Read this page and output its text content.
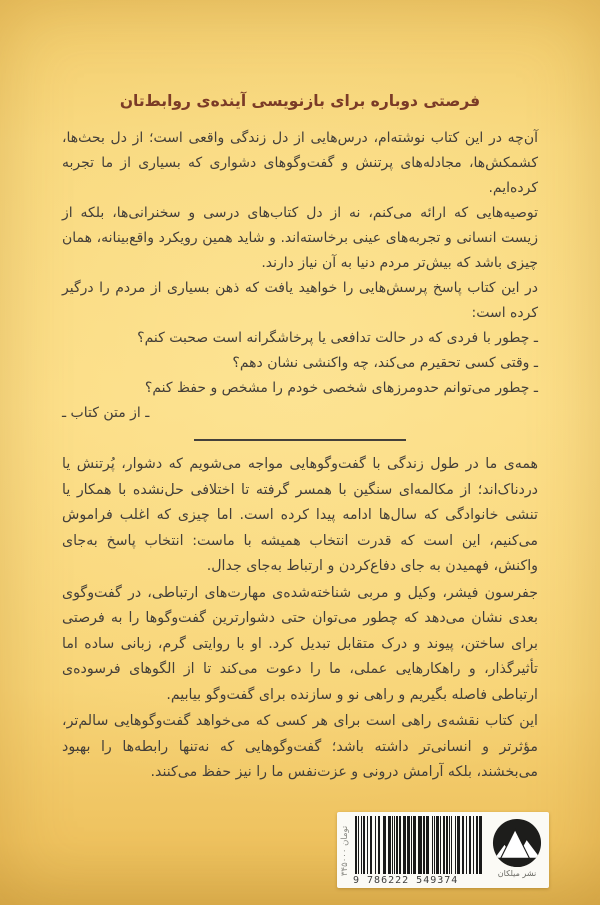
فرصتی دوباره برای بازنویسی آینده‌ی روابط‌تان

آن‌چه در این کتاب نوشته‌ام، درس‌هایی از دل زندگی واقعی است؛ از دل بحث‌ها، کشمکش‌ها، مجادله‌های پرتنش و گفت‌وگوهای دشواری که بسیاری از ما تجربه کرده‌ایم.

توصیه‌هایی که ارائه می‌کنم، نه از دل کتاب‌های درسی و سخنرانی‌ها، بلکه از زیست انسانی و تجربه‌های عینی برخاسته‌اند. و شاید همین رویکرد واقع‌بینانه، همان چیزی باشد که بیش‌تر مردم دنیا به آن نیاز دارند.

در این کتاب پاسخ پرسش‌هایی را خواهید یافت که ذهن بسیاری از مردم را درگیر کرده است:

ـ چطور با فردی که در حالت تدافعی یا پرخاشگرانه است صحبت کنم؟
ـ وقتی کسی تحقیرم می‌کند، چه واکنشی نشان دهم؟
ـ چطور می‌توانم حدومرزهای شخصی خودم را مشخص و حفظ کنم؟
ـ از متن کتاب ـ

همه‌ی ما در طول زندگی با گفت‌وگوهایی مواجه می‌شویم که دشوار، پُرتنش یا دردناک‌اند؛ از مکالمه‌ای سنگین با همسر گرفته تا اختلافی حل‌نشده با همکار یا تنشی خانوادگی که سال‌ها ادامه پیدا کرده است. اما چیزی که اغلب فراموش می‌کنیم، این است که قدرت انتخاب همیشه با ماست: انتخاب پاسخ به‌جای واکنش، فهمیدن به جای دفاع‌کردن و ارتباط به‌جای جدال.

جفرسون فیشر، وکیل و مربی شناخته‌شده‌ی مهارت‌های ارتباطی، در گفت‌وگوی بعدی نشان می‌دهد که چطور می‌توان حتی دشوارترین گفت‌وگوها را به فرصتی برای ساختن، پیوند و درک متقابل تبدیل کرد. او با روایتی گرم، زبانی ساده اما تأثیرگذار، و راهکارهایی عملی، ما را دعوت می‌کند تا از الگوهای فرسوده‌ی ارتباطی فاصله بگیریم و راهی نو و سازنده برای گفت‌وگو بیابیم.

این کتاب نقشه‌ی راهی است برای هر کسی که می‌خواهد گفت‌وگوهایی سالم‌تر، مؤثرتر و انسانی‌تر داشته باشد؛ گفت‌وگوهایی که نه‌تنها رابطه‌ها را بهبود می‌بخشند، بلکه آرامش درونی و عزت‌نفس ما را نیز حفظ می‌کنند.

۳۴۵۰۰۰ تومان
9 786222 549374
نشر میلکان
